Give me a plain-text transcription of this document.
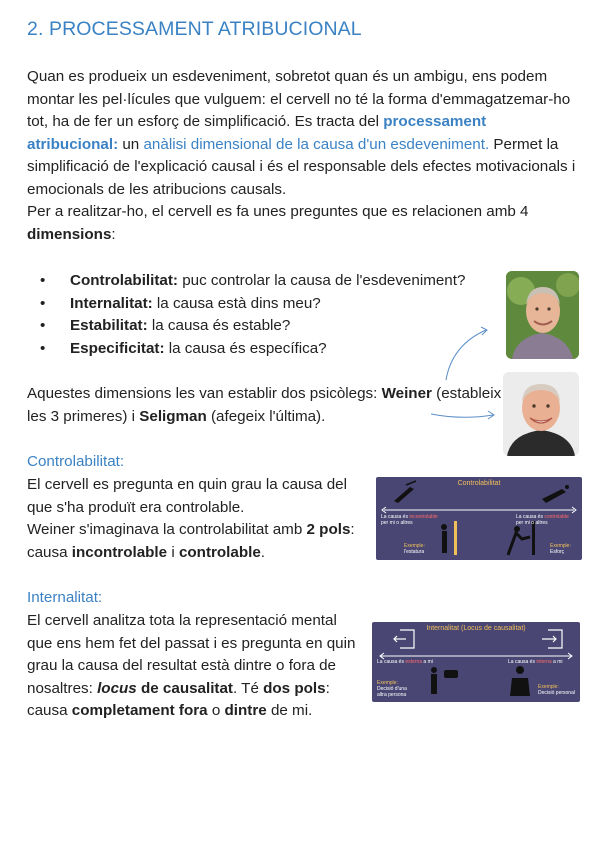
2. PROCESSAMENT ATRIBUCIONAL

Quan es produeix un esdeveniment, sobretot quan és un ambigu, ens podem montar les pel·lícules que vulguem: el cervell no té la forma d'emmagatzemar-ho tot, ha de fer un esforç de simplificació. Es tracta del processament atribucional: un anàlisi dimensional de la causa d'un esdeveniment. Permet la simplificació de l'explicació causal i és el responsable dels efectes motivacionals i emocionals de les atribucions causals.
Per a realitzar-ho, el cervell es fa unes preguntes que es relacionen amb 4 dimensions:

• Controlabilitat: puc controlar la causa de l'esdeveniment?
• Internalitat: la causa està dins meu?
• Estabilitat: la causa és estable?
• Especificitat: la causa és específica?

Aquestes dimensions les van establir dos psicòlegs: Weiner (estableix les 3 primeres) i Seligman (afegeix l'última).

Controlabilitat:

El cervell es pregunta en quin grau la causa del que s'ha produït era controlable.
Weiner s'imaginava la controlabilitat amb 2 pols: causa incontrolable i controlable.

Controlabilitat
La causa és incontrolable
per mi o altres
La causa és controlable
per mi o altres
Exemple:
l'estatura
Exemple:
Esforç
Internalitat:

El cervell analitza tota la representació mental que ens hem fet del passat i es pregunta en quin grau la causa del resultat està dintre o fora de nosaltres: locus de causalitat. Té dos pols: causa completament fora o dintre de mi.

Internalitat (Locus de causalitat)
La causa és externa a mi	La causa és interna a mi
Exemple:
Decisió d'una
altra persona
Exemple:
Decisió personal
